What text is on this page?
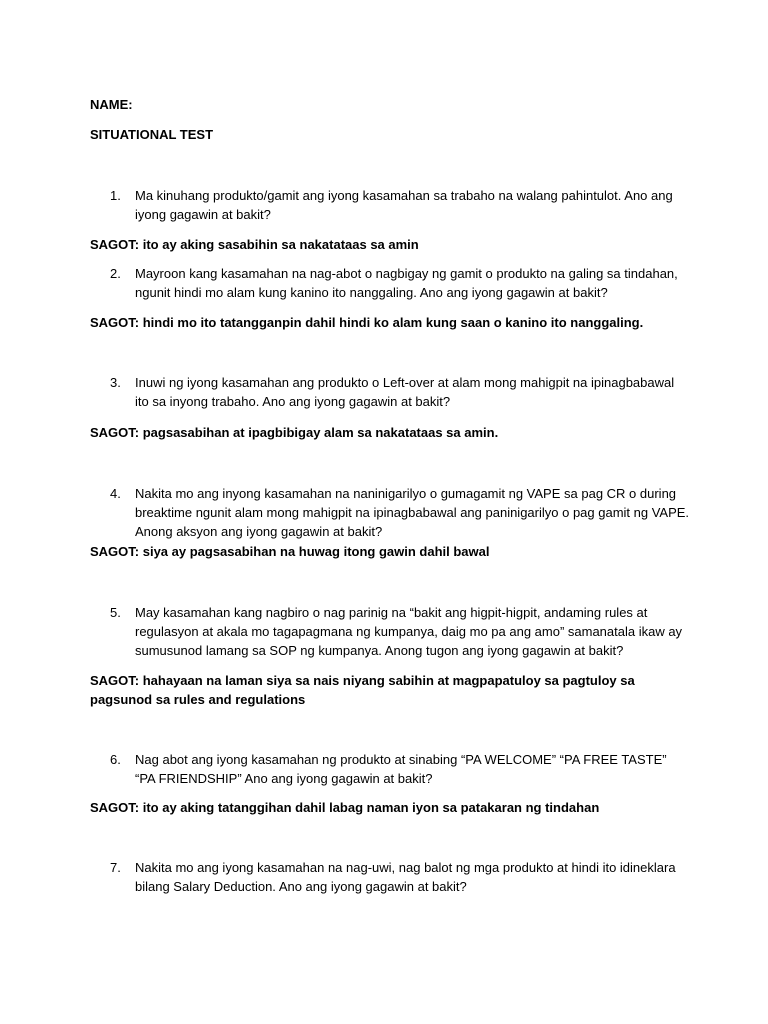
NAME:
SITUATIONAL TEST
1.	Ma kinuhang produkto/gamit ang iyong kasamahan sa trabaho na walang pahintulot. Ano ang iyong gagawin at bakit?
SAGOT: ito ay aking sasabihin sa nakatataas sa amin
2.	Mayroon kang kasamahan na nag-abot o nagbigay ng gamit o produkto na galing sa tindahan, ngunit hindi mo alam kung kanino ito nanggaling. Ano ang iyong gagawin at bakit?
SAGOT: hindi mo ito tatangganpin dahil hindi ko alam kung saan o kanino ito nanggaling.
3.	Inuwi ng iyong kasamahan ang produkto o Left-over at alam mong mahigpit na ipinagbabawal ito sa inyong trabaho. Ano ang iyong gagawin at bakit?
SAGOT: pagsasabihan at ipagbibigay alam sa nakatataas sa amin.
4.	Nakita mo ang inyong kasamahan na naninigarilyo o gumagamit ng VAPE sa pag CR o during breaktime ngunit alam mong mahigpit na ipinagbabawal ang paninigarilyo o pag gamit ng VAPE. Anong aksyon ang iyong gagawin at bakit?
SAGOT: siya ay pagsasabihan na huwag itong gawin dahil bawal
5.	May kasamahan kang nagbiro o nag parinig na “bakit ang higpit-higpit, andaming rules at regulasyon at akala mo tagapagmana ng kumpanya, daig mo pa ang amo” samanatala ikaw ay sumusunod lamang sa SOP ng kumpanya. Anong tugon ang iyong gagawin at bakit?
SAGOT: hahayaan na laman siya sa nais niyang sabihin at magpapatuloy sa pagtuloy sa pagsunod sa rules and regulations
6.	Nag abot ang iyong kasamahan ng produkto at sinabing “PA WELCOME” “PA FREE TASTE” “PA FRIENDSHIP” Ano ang iyong gagawin at bakit?
SAGOT: ito ay aking tatanggihan dahil labag naman iyon sa patakaran ng tindahan
7.	Nakita mo ang iyong kasamahan na nag-uwi, nag balot ng mga produkto at hindi ito idineklara bilang Salary Deduction. Ano ang iyong gagawin at bakit?
